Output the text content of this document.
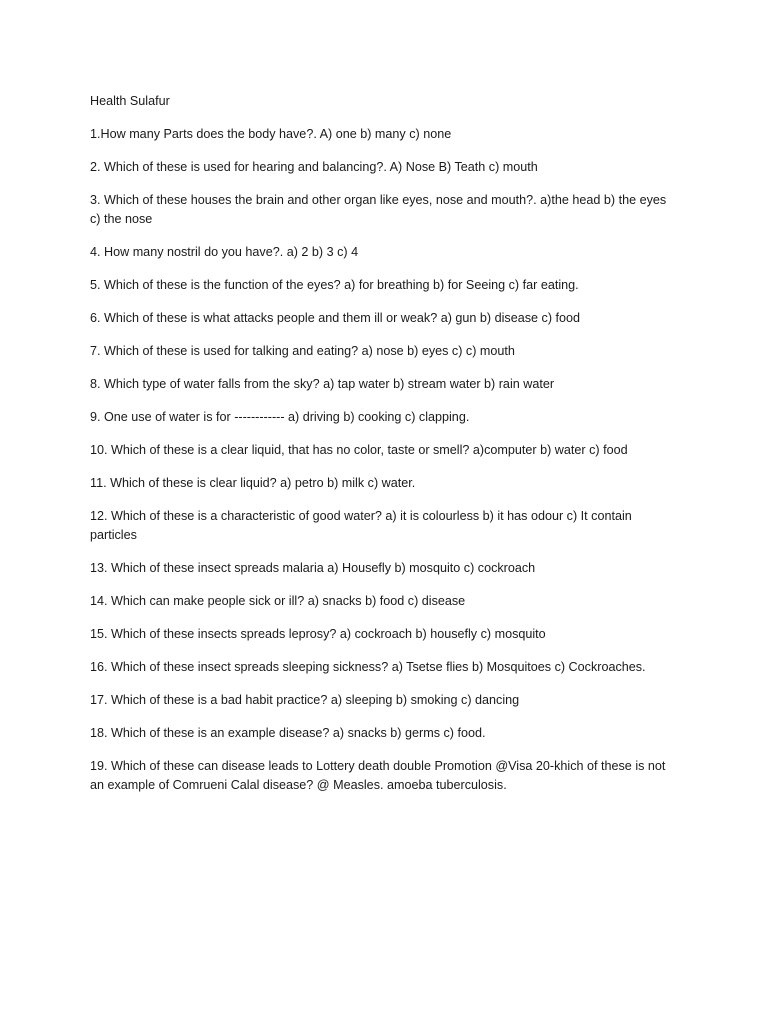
Health Sulafur

1.How many Parts does the body have?. A) one b) many c) none

2. Which of these is used for hearing and balancing?. A) Nose B) Teath c) mouth

3. Which of these houses the brain and other organ like eyes, nose and mouth?. a)the head b) the eyes c) the nose

4. How many nostril do you have?. a) 2 b) 3 c) 4

5. Which of these is the function of the eyes? a) for breathing b) for Seeing c) far eating.

6. Which of these is what attacks people and them ill or weak? a) gun b) disease c) food

7. Which of these is used for talking and eating? a) nose b) eyes c) c) mouth

8. Which type of water falls from the sky? a) tap water b) stream water b) rain water

9. One use of water is for ------------ a) driving b) cooking c) clapping.

10. Which of these is a clear liquid, that has no color, taste or smell? a)computer b) water c) food

11. Which of these is clear liquid? a) petro b) milk c) water.

12. Which of these is a characteristic of good water? a) it is colourless b) it has odour c) It contain particles

13. Which of these insect spreads malaria a) Housefly b) mosquito c) cockroach

14. Which can make people sick or ill? a) snacks b) food c) disease

15. Which of these insects spreads leprosy? a) cockroach b) housefly c) mosquito

16. Which of these insect spreads sleeping sickness? a) Tsetse flies b) Mosquitoes c) Cockroaches.

17. Which of these is a bad habit practice? a) sleeping b) smoking c) dancing

18. Which of these is an example disease? a) snacks b) germs c) food.

19. Which of these can disease leads to Lottery death double Promotion @Visa 20-khich of these is not an example of Comrueni Calal disease? @ Measles. amoeba tuberculosis.
